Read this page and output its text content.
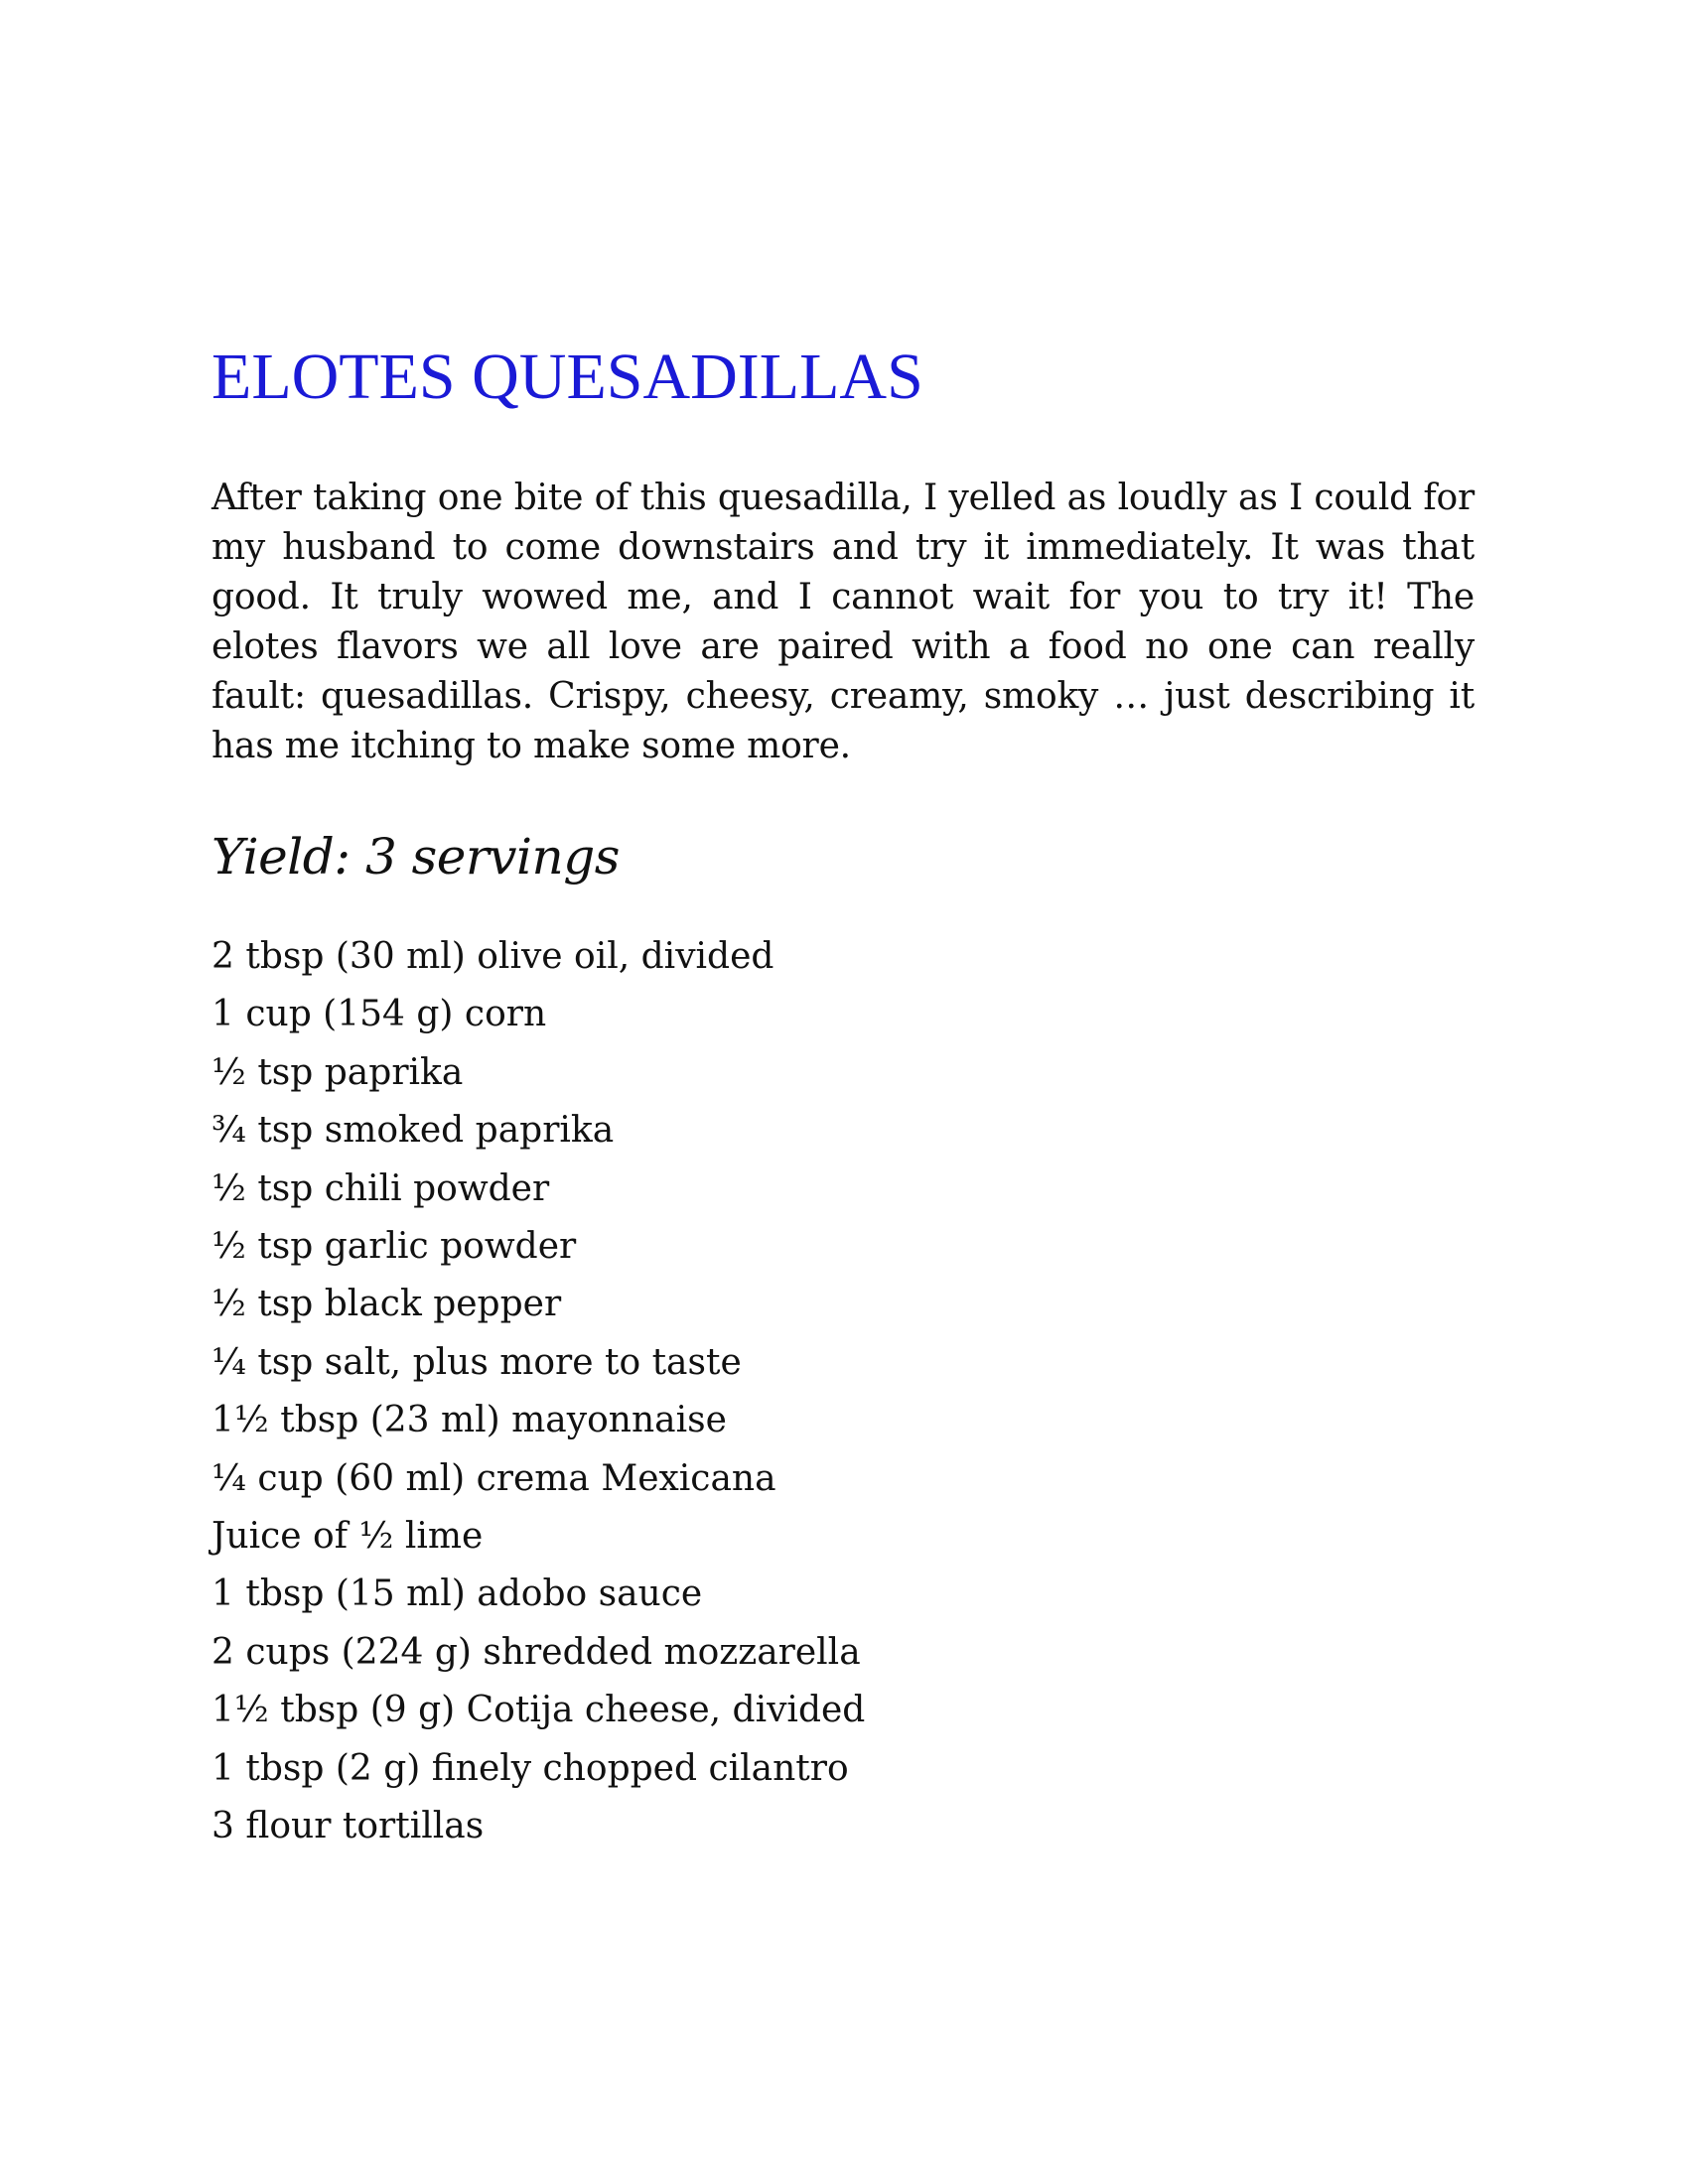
ELOTES QUESADILLAS

After taking one bite of this quesadilla, I yelled as loudly as I could for my husband to come downstairs and try it immediately. It was that good. It truly wowed me, and I cannot wait for you to try it! The elotes flavors we all love are paired with a food no one can really fault: quesadillas. Crispy, cheesy, creamy, smoky … just describing it has me itching to make some more.

Yield: 3 servings
2 tbsp (30 ml) olive oil, divided
1 cup (154 g) corn
½ tsp paprika
¾ tsp smoked paprika
½ tsp chili powder
½ tsp garlic powder
½ tsp black pepper
¼ tsp salt, plus more to taste
1½ tbsp (23 ml) mayonnaise
¼ cup (60 ml) crema Mexicana
Juice of ½ lime
1 tbsp (15 ml) adobo sauce
2 cups (224 g) shredded mozzarella
1½ tbsp (9 g) Cotija cheese, divided
1 tbsp (2 g) finely chopped cilantro
3 flour tortillas
